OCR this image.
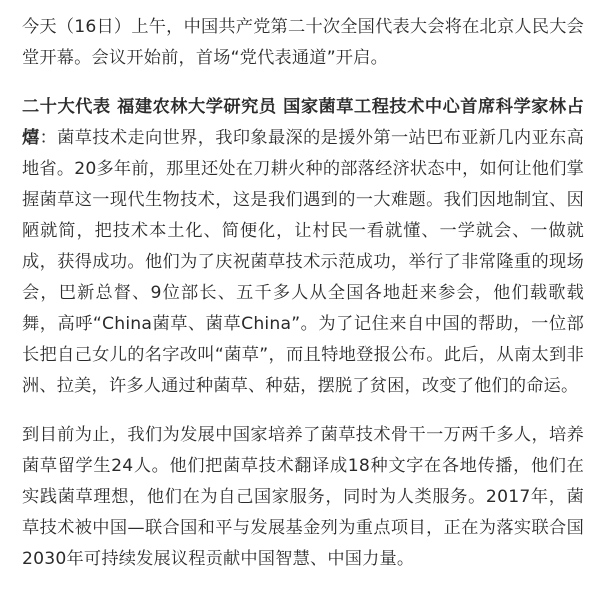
今天（16日）上午，中国共产党第二十次全国代表大会将在北京人民大会堂开幕。会议开始前，首场“党代表通道”开启。

二十大代表 福建农林大学研究员 国家菌草工程技术中心首席科学家林占熺：菌草技术走向世界，我印象最深的是援外第一站巴布亚新几内亚东高地省。20多年前，那里还处在刀耕火种的部落经济状态中，如何让他们掌握菌草这一现代生物技术，这是我们遇到的一大难题。我们因地制宜、因陋就简，把技术本土化、简便化，让村民一看就懂、一学就会、一做就成，获得成功。他们为了庆祝菌草技术示范成功，举行了非常隆重的现场会，巴新总督、9位部长、五千多人从全国各地赶来参会，他们载歌载舞，高呼“China菌草、菌草China”。为了记住来自中国的帮助，一位部长把自己女儿的名字改叫“菌草”，而且特地登报公布。此后，从南太到非洲、拉美，许多人通过种菌草、种菇，摆脱了贫困，改变了他们的命运。

到目前为止，我们为发展中国家培养了菌草技术骨干一万两千多人，培养菌草留学生24人。他们把菌草技术翻译成18种文字在各地传播，他们在实践菌草理想，他们在为自己国家服务，同时为人类服务。2017年，菌草技术被中国—联合国和平与发展基金列为重点项目，正在为落实联合国2030年可持续发展议程贡献中国智慧、中国力量。
